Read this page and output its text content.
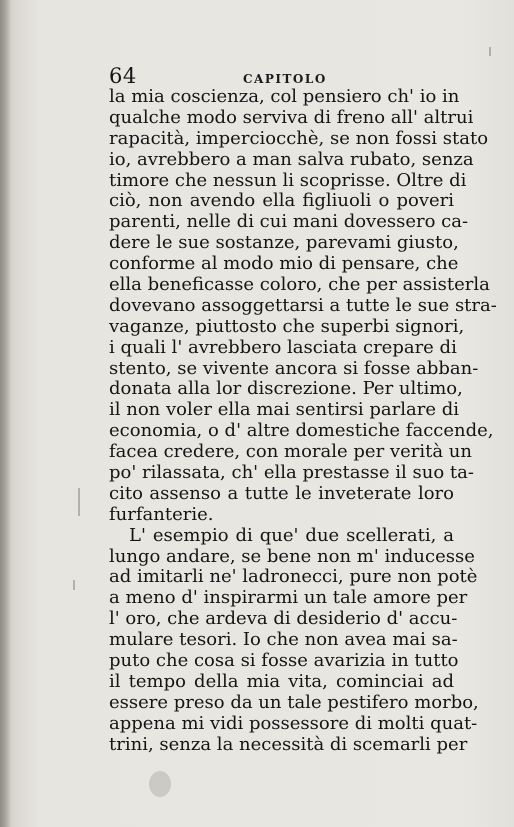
64	CAPITOLO
la mia coscienza, col pensiero ch' io in
qualche modo serviva di freno all' altrui
rapacità, imperciocchè, se non fossi stato
io, avrebbero a man salva rubato, senza
timore che nessun li scoprisse. Oltre di
ciò, non avendo ella figliuoli o poveri
parenti, nelle di cui mani dovessero ca-
dere le sue sostanze, parevami giusto,
conforme al modo mio di pensare, che
ella beneficasse coloro, che per assisterla
dovevano assoggettarsi a tutte le sue stra-
vaganze, piuttosto che superbi signori,
i quali l' avrebbero lasciata crepare di
stento, se vivente ancora si fosse abban-
donata alla lor discrezione. Per ultimo,
il non voler ella mai sentirsi parlare di
economia, o d' altre domestiche faccende,
facea credere, con morale per verità un
po' rilassata, ch' ella prestasse il suo ta-
cito assenso a tutte le inveterate loro
furfanterie.
L' esempio di que' due scellerati, a
lungo andare, se bene non m' inducesse
ad imitarli ne' ladronecci, pure non potè
a meno d' inspirarmi un tale amore per
l' oro, che ardeva di desiderio d' accu-
mulare tesori. Io che non avea mai sa-
puto che cosa si fosse avarizia in tutto
il tempo della mia vita, cominciai ad
essere preso da un tale pestifero morbo,
appena mi vidi possessore di molti quat-
trini, senza la necessità di scemarli per
